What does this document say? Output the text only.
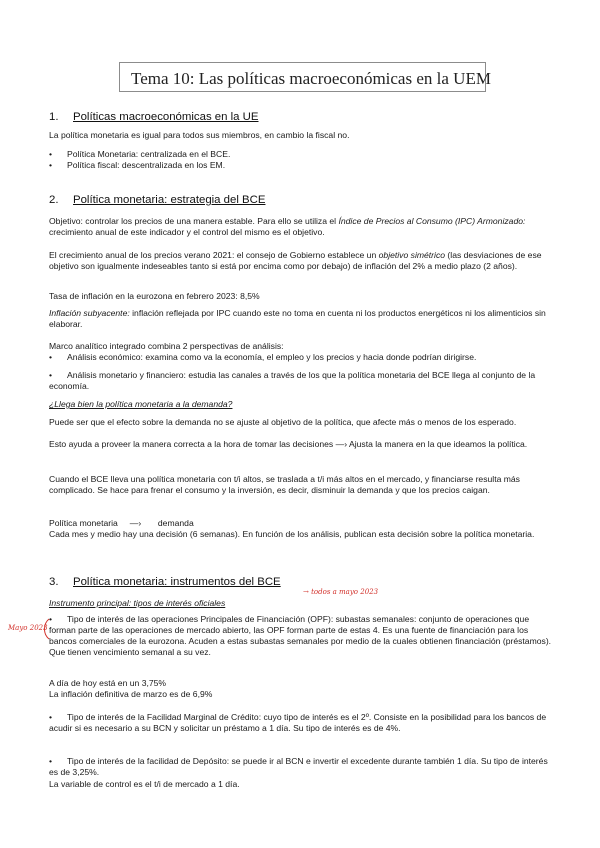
Tema 10: Las políticas macroeconómicas en la UEM
1. Políticas macroeconómicas en la UE

La política monetaria es igual para todos sus miembros, en cambio la fiscal no.

•	Política Monetaria: centralizada en el BCE.
•	Política fiscal: descentralizada en los EM.
2. Política monetaria: estrategia del BCE

Objetivo: controlar los precios de una manera estable. Para ello se utiliza el Índice de Precios al Consumo (IPC) Armonizado: crecimiento anual de este indicador y el control del mismo es el objetivo.

El crecimiento anual de los precios verano 2021: el consejo de Gobierno establece un objetivo simétrico (las desviaciones de ese objetivo son igualmente indeseables tanto si está por encima como por debajo) de inflación del 2% a medio plazo (2 años).

Tasa de inflación en la eurozona en febrero 2023: 8,5%

Inflación subyacente: inflación reflejada por IPC cuando este no toma en cuenta ni los productos energéticos ni los alimenticios sin elaborar.

Marco analítico integrado combina 2 perspectivas de análisis:

•	Análisis económico: examina como va la economía, el empleo y los precios y hacia donde podrían dirigirse.
•	Análisis monetario y financiero: estudia las canales a través de los que la política monetaria del BCE llega al conjunto de la economía.

¿Llega bien la política monetaria a la demanda?

Puede ser que el efecto sobre la demanda no se ajuste al objetivo de la política, que afecte más o menos de los esperado.

Esto ayuda a proveer la manera correcta a la hora de tomar las decisiones —› Ajusta la manera en la que ideamos la política.

Cuando el BCE lleva una política monetaria con t/i altos, se traslada a t/i más altos en el mercado, y financiarse resulta más complicado. Se hace para frenar el consumo y la inversión, es decir, disminuir la demanda y que los precios caigan.

Política monetaria     —›       demanda

Cada mes y medio hay una decisión (6 semanas). En función de los análisis, publican esta decisión sobre la política monetaria.

3. Política monetaria: instrumentos del BCE

Instrumento principal: tipos de interés oficiales

•	Tipo de interés de las operaciones Principales de Financiación (OPF): subastas semanales: conjunto de operaciones que forman parte de las operaciones de mercado abierto, las OPF forman parte de estas 4. Es una fuente de financiación para los bancos comerciales de la eurozona. Acuden a estas subastas semanales por medio de la cuales obtienen financiación (préstamos). Que tienen vencimiento semanal a su vez.

A día de hoy está en un 3,75%

La inflación definitiva de marzo es de 6,9%

•	Tipo de interés de la Facilidad Marginal de Crédito: cuyo tipo de interés es el 2º. Consiste en la posibilidad para los bancos de acudir si es necesario a su BCN y solicitar un préstamo a 1 día. Su tipo de interés es de 4%.
•	Tipo de interés de la facilidad de Depósito: se puede ir al BCN e invertir el excedente durante también 1 día. Su tipo de interés es de 3,25%.

La variable de control es el t/i de mercado a 1 día.

→ todos a mayo 2023
Mayo 2023
